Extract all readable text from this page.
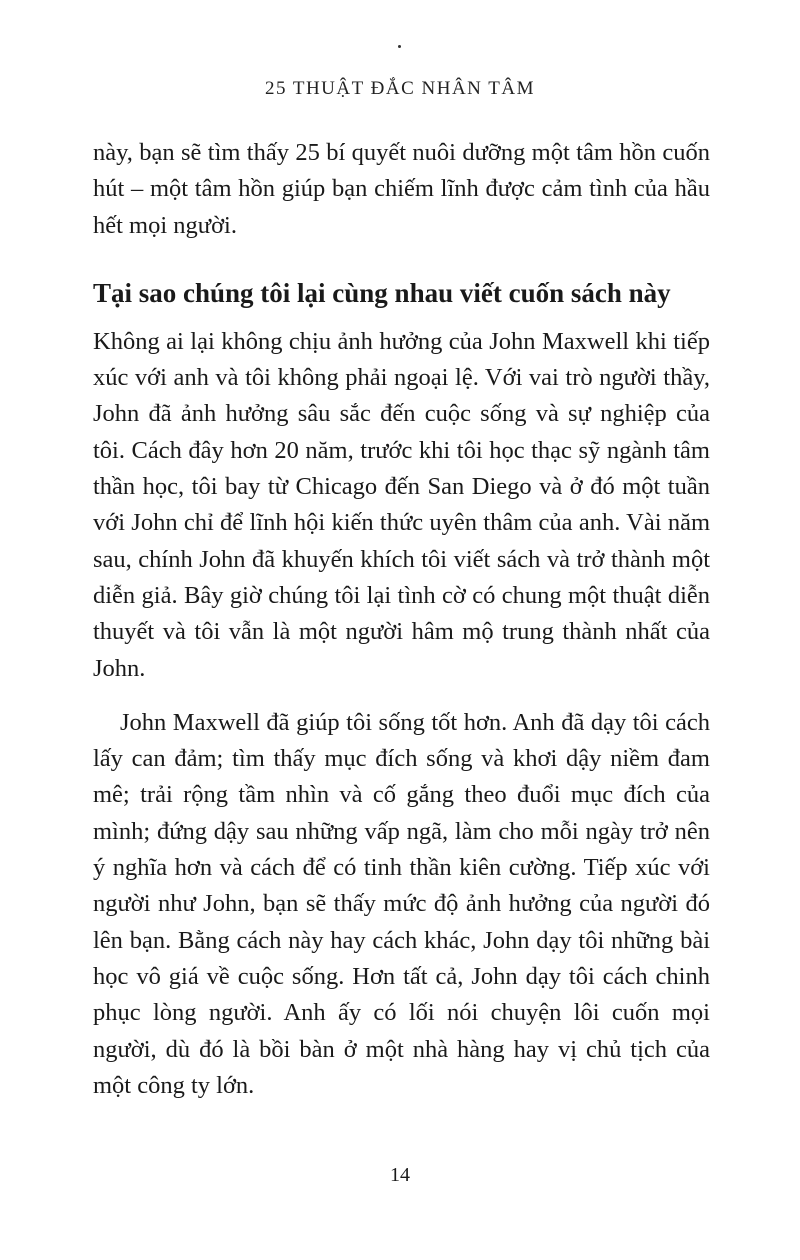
25 THUẬT ĐẮC NHÂN TÂM

này, bạn sẽ tìm thấy 25 bí quyết nuôi dưỡng một tâm hồn cuốn hút – một tâm hồn giúp bạn chiếm lĩnh được cảm tình của hầu hết mọi người.

Tại sao chúng tôi lại cùng nhau viết cuốn sách này

Không ai lại không chịu ảnh hưởng của John Maxwell khi tiếp xúc với anh và tôi không phải ngoại lệ. Với vai trò người thầy, John đã ảnh hưởng sâu sắc đến cuộc sống và sự nghiệp của tôi. Cách đây hơn 20 năm, trước khi tôi học thạc sỹ ngành tâm thần học, tôi bay từ Chicago đến San Diego và ở đó một tuần với John chỉ để lĩnh hội kiến thức uyên thâm của anh. Vài năm sau, chính John đã khuyến khích tôi viết sách và trở thành một diễn giả. Bây giờ chúng tôi lại tình cờ có chung một thuật diễn thuyết và tôi vẫn là một người hâm mộ trung thành nhất của John.

John Maxwell đã giúp tôi sống tốt hơn. Anh đã dạy tôi cách lấy can đảm; tìm thấy mục đích sống và khơi dậy niềm đam mê; trải rộng tầm nhìn và cố gắng theo đuổi mục đích của mình; đứng dậy sau những vấp ngã, làm cho mỗi ngày trở nên ý nghĩa hơn và cách để có tinh thần kiên cường. Tiếp xúc với người như John, bạn sẽ thấy mức độ ảnh hưởng của người đó lên bạn. Bằng cách này hay cách khác, John dạy tôi những bài học vô giá về cuộc sống. Hơn tất cả, John dạy tôi cách chinh phục lòng người. Anh ấy có lối nói chuyện lôi cuốn mọi người, dù đó là bồi bàn ở một nhà hàng hay vị chủ tịch của một công ty lớn.

14
